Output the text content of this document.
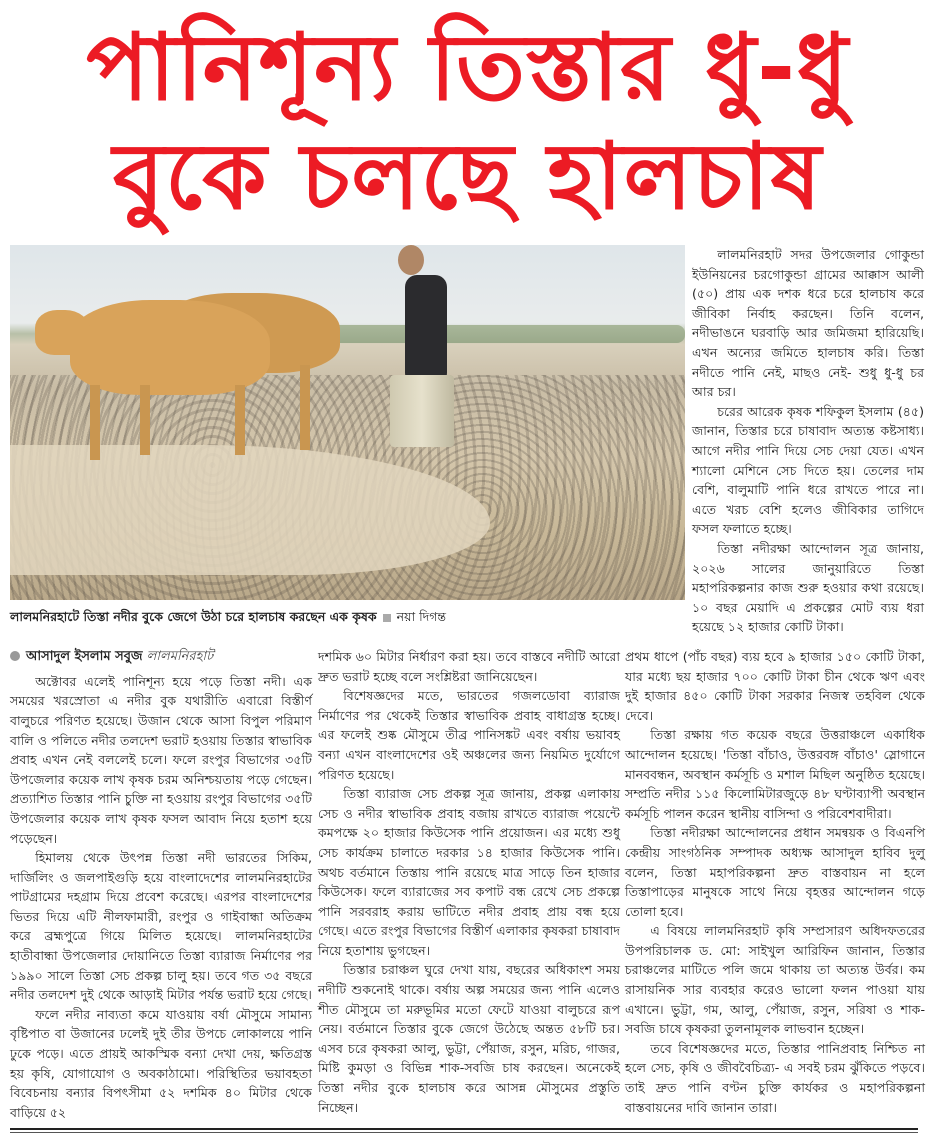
পানিশূন্য তিস্তার ধু-ধু
বুকে চলছে হালচাষ
লালমনিরহাটে তিস্তা নদীর বুকে জেগে উঠা চরে হালচাষ করছেন এক কৃষক নয়া দিগন্ত

লালমনিরহাট সদর উপজেলার গোকুন্ডা ইউনিয়নের চরগোকুন্ডা গ্রামের আক্কাস আলী (৫০) প্রায় এক দশক ধরে চরে হালচাষ করে জীবিকা নির্বাহ করছেন। তিনি বলেন, নদীভাঙনে ঘরবাড়ি আর জমিজমা হারিয়েছি। এখন অন্যের জমিতে হালচাষ করি। তিস্তা নদীতে পানি নেই, মাছও নেই- শুধু ধু-ধু চর আর চর।

চরের আরেক কৃষক শফিকুল ইসলাম (৪৫) জানান, তিস্তার চরে চাষাবাদ অত্যন্ত কষ্টসাধ্য। আগে নদীর পানি দিয়ে সেচ দেয়া যেত। এখন শ্যালো মেশিনে সেচ দিতে হয়। তেলের দাম বেশি, বালুমাটি পানি ধরে রাখতে পারে না। এতে খরচ বেশি হলেও জীবিকার তাগিদে ফসল ফলাতে হচ্ছে।

তিস্তা নদীরক্ষা আন্দোলন সূত্র জানায়, ২০২৬ সালের জানুয়ারিতে তিস্তা মহাপরিকল্পনার কাজ শুরু হওয়ার কথা রয়েছে। ১০ বছর মেয়াদি এ প্রকল্পের মোট ব্যয় ধরা হয়েছে ১২ হাজার কোটি টাকা।

আসাদুল ইসলাম সবুজ লালমনিরহাট

অক্টোবর এলেই পানিশূন্য হয়ে পড়ে তিস্তা নদী। এক সময়ের খরস্রোতা এ নদীর বুক যথারীতি এবারো বিস্তীর্ণ বালুচরে পরিণত হয়েছে। উজান থেকে আসা বিপুল পরিমাণ বালি ও পলিতে নদীর তলদেশ ভরাট হওয়ায় তিস্তার স্বাভাবিক প্রবাহ এখন নেই বললেই চলে। ফলে রংপুর বিভাগের ৩৫টি উপজেলার কয়েক লাখ কৃষক চরম অনিশ্চয়তায় পড়ে গেছেন। প্রত্যাশিত তিস্তার পানি চুক্তি না হওয়ায় রংপুর বিভাগের ৩৫টি উপজেলার কয়েক লাখ কৃষক ফসল আবাদ নিয়ে হতাশ হয়ে পড়েছেন।

হিমালয় থেকে উৎপন্ন তিস্তা নদী ভারতের সিকিম, দার্জিলিং ও জলপাইগুড়ি হয়ে বাংলাদেশের লালমনিরহাটের পাটগ্রামের দহগ্রাম দিয়ে প্রবেশ করেছে। এরপর বাংলাদেশের ভিতর দিয়ে এটি নীলফামারী, রংপুর ও গাইবান্ধা অতিক্রম করে ব্রহ্মপুত্রে গিয়ে মিলিত হয়েছে। লালমনিরহাটের হাতীবান্ধা উপজেলার দোয়ানিতে তিস্তা ব্যারাজ নির্মাণের পর ১৯৯০ সালে তিস্তা সেচ প্রকল্প চালু হয়। তবে গত ৩৫ বছরে নদীর তলদেশ দুই থেকে আড়াই মিটার পর্যন্ত ভরাট হয়ে গেছে।

ফলে নদীর নাব্যতা কমে যাওয়ায় বর্ষা মৌসুমে সামান্য বৃষ্টিপাত বা উজানের ঢলেই দুই তীর উপচে লোকালয়ে পানি ঢুকে পড়ে। এতে প্রায়ই আকস্মিক বন্যা দেখা দেয়, ক্ষতিগ্রস্ত হয় কৃষি, যোগাযোগ ও অবকাঠামো। পরিস্থিতির ভয়াবহতা বিবেচনায় বন্যার বিপৎসীমা ৫২ দশমিক ৪০ মিটার থেকে বাড়িয়ে ৫২

দশমিক ৬০ মিটার নির্ধারণ করা হয়। তবে বাস্তবে নদীটি আরো দ্রুত ভরাট হচ্ছে বলে সংশ্লিষ্টরা জানিয়েছেন।

বিশেষজ্ঞদের মতে, ভারতের গজলডোবা ব্যারাজ নির্মাণের পর থেকেই তিস্তার স্বাভাবিক প্রবাহ বাধাগ্রস্ত হচ্ছে। এর ফলেই শুষ্ক মৌসুমে তীব্র পানিসঙ্কট এবং বর্ষায় ভয়াবহ বন্যা এখন বাংলাদেশের ওই অঞ্চলের জন্য নিয়মিত দুর্যোগে পরিণত হয়েছে।

তিস্তা ব্যারাজ সেচ প্রকল্প সূত্র জানায়, প্রকল্প এলাকায় সেচ ও নদীর স্বাভাবিক প্রবাহ বজায় রাখতে ব্যারাজ পয়েন্টে কমপক্ষে ২০ হাজার কিউসেক পানি প্রয়োজন। এর মধ্যে শুধু সেচ কার্যক্রম চালাতে দরকার ১৪ হাজার কিউসেক পানি। অথচ বর্তমানে তিস্তায় পানি রয়েছে মাত্র সাড়ে তিন হাজার কিউসেক। ফলে ব্যারাজের সব কপাট বন্ধ রেখে সেচ প্রকল্পে পানি সরবরাহ করায় ভাটিতে নদীর প্রবাহ প্রায় বন্ধ হয়ে গেছে। এতে রংপুর বিভাগের বিস্তীর্ণ এলাকার কৃষকরা চাষাবাদ নিয়ে হতাশায় ভুগছেন।

তিস্তার চরাঞ্চল ঘুরে দেখা যায়, বছরের অধিকাংশ সময় নদীটি শুকনোই থাকে। বর্ষায় অল্প সময়ের জন্য পানি এলেও শীত মৌসুমে তা মরুভূমির মতো ফেটে যাওয়া বালুচরে রূপ নেয়। বর্তমানে তিস্তার বুকে জেগে উঠেছে অন্তত ৫৮টি চর। এসব চরে কৃষকরা আলু, ভুট্টা, পেঁয়াজ, রসুন, মরিচ, গাজর, মিষ্টি কুমড়া ও বিভিন্ন শাক-সবজি চাষ করছেন। অনেকেই তিস্তা নদীর বুকে হালচাষ করে আসন্ন মৌসুমের প্রস্তুতি নিচ্ছেন।

প্রথম ধাপে (পাঁচ বছর) ব্যয় হবে ৯ হাজার ১৫০ কোটি টাকা, যার মধ্যে ছয় হাজার ৭০০ কোটি টাকা চীন থেকে ঋণ এবং দুই হাজার ৪৫০ কোটি টাকা সরকার নিজস্ব তহবিল থেকে দেবে।

তিস্তা রক্ষায় গত কয়েক বছরে উত্তরাঞ্চলে একাধিক আন্দোলন হয়েছে। 'তিস্তা বাঁচাও, উত্তরবঙ্গ বাঁচাও' স্লোগানে মানববন্ধন, অবস্থান কর্মসূচি ও মশাল মিছিল অনুষ্ঠিত হয়েছে। সম্প্রতি নদীর ১১৫ কিলোমিটারজুড়ে ৪৮ ঘণ্টাব্যাপী অবস্থান কর্মসূচি পালন করেন স্থানীয় বাসিন্দা ও পরিবেশবাদীরা।

তিস্তা নদীরক্ষা আন্দোলনের প্রধান সমন্বয়ক ও বিএনপি কেন্দ্রীয় সাংগঠনিক সম্পাদক অধ্যক্ষ আসাদুল হাবিব দুলু বলেন, তিস্তা মহাপরিকল্পনা দ্রুত বাস্তবায়ন না হলে তিস্তাপাড়ের মানুষকে সাথে নিয়ে বৃহত্তর আন্দোলন গড়ে তোলা হবে।

এ বিষয়ে লালমনিরহাট কৃষি সম্প্রসারণ অধিদফতরের উপপরিচালক ড. মো: সাইখুল আরিফিন জানান, তিস্তার চরাঞ্চলের মাটিতে পলি জমে থাকায় তা অত্যন্ত উর্বর। কম রাসায়নিক সার ব্যবহার করেও ভালো ফলন পাওয়া যায় এখানে। ভুট্টা, গম, আলু, পেঁয়াজ, রসুন, সরিষা ও শাক-সবজি চাষে কৃষকরা তুলনামূলক লাভবান হচ্ছেন।

তবে বিশেষজ্ঞদের মতে, তিস্তার পানিপ্রবাহ নিশ্চিত না হলে সেচ, কৃষি ও জীববৈচিত্র্য- এ সবই চরম ঝুঁকিতে পড়বে। তাই দ্রুত পানি বণ্টন চুক্তি কার্যকর ও মহাপরিকল্পনা বাস্তবায়নের দাবি জানান তারা।
